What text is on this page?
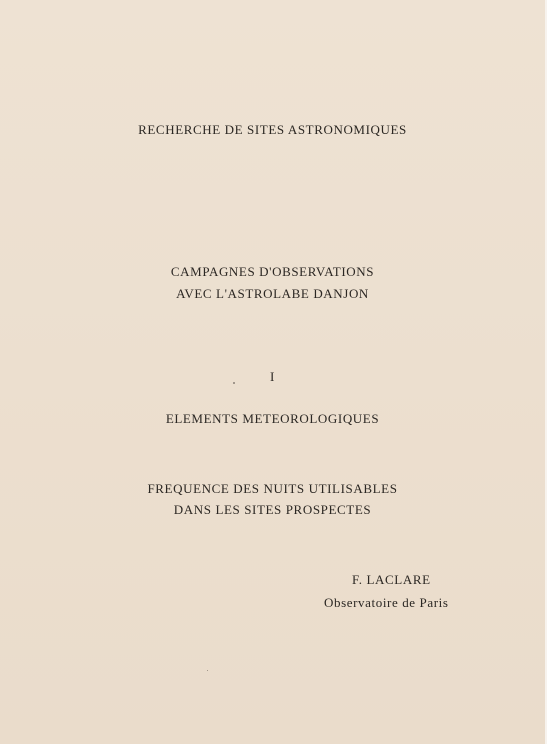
RECHERCHE DE SITES ASTRONOMIQUES
CAMPAGNES D'OBSERVATIONS
AVEC L'ASTROLABE DANJON
I
ELEMENTS METEOROLOGIQUES
FREQUENCE DES NUITS UTILISABLES
DANS LES SITES PROSPECTES
F. LACLARE
Observatoire de Paris
